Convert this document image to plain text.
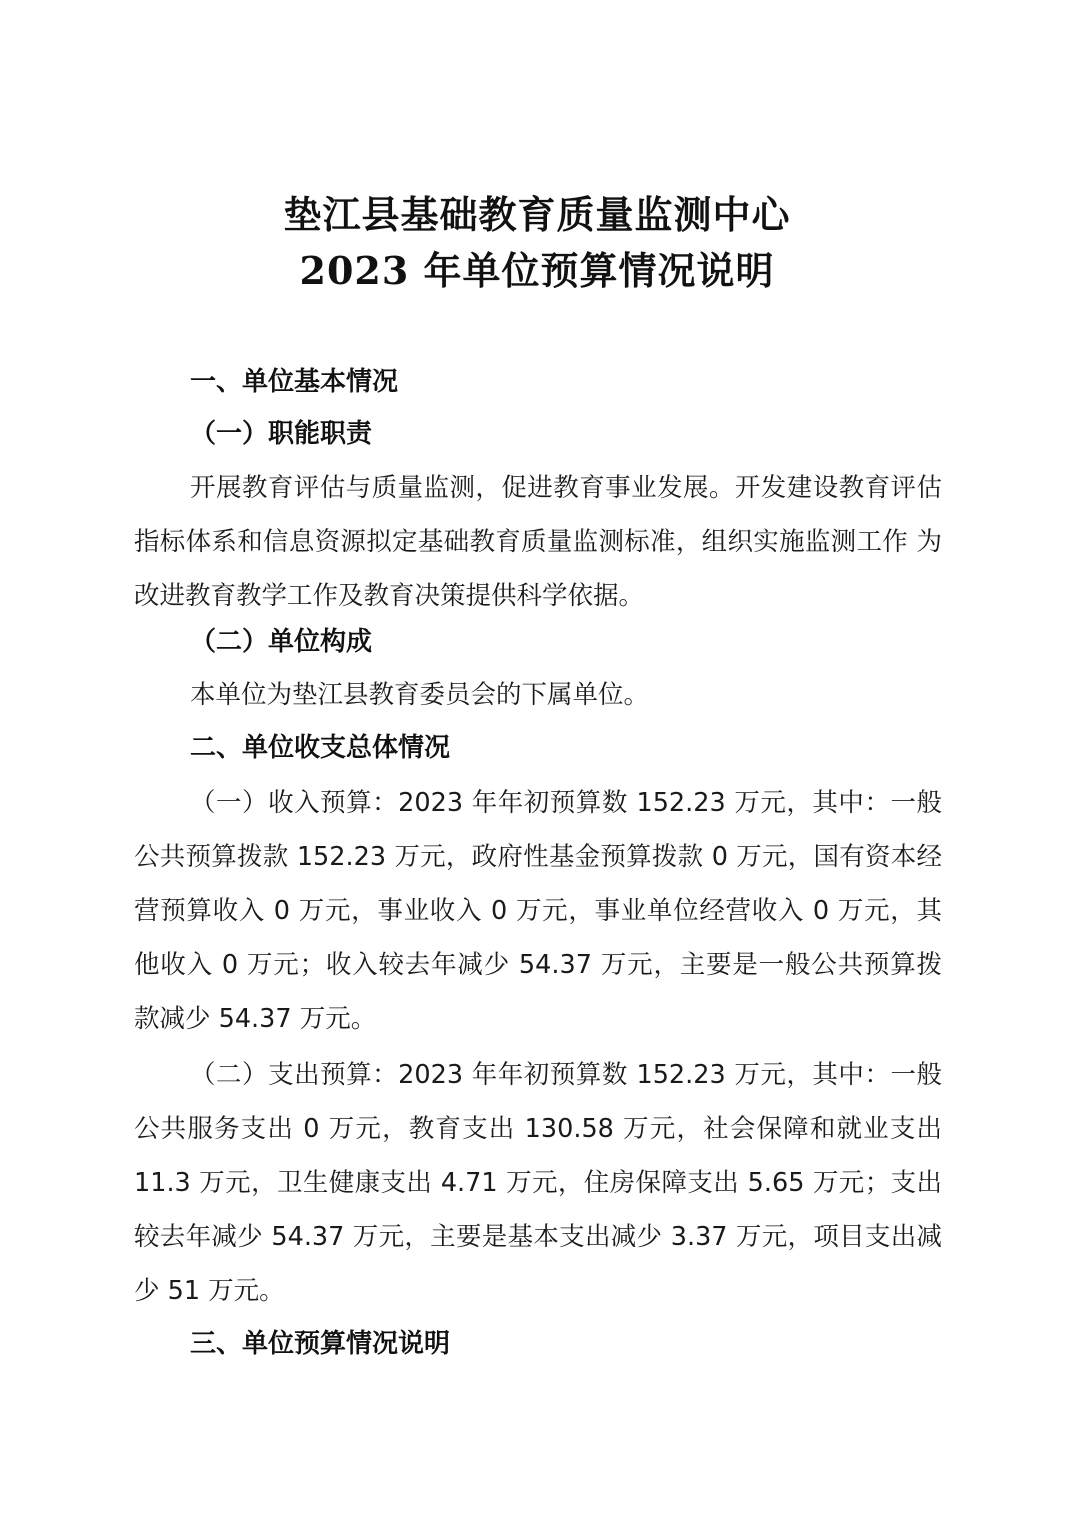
垫江县基础教育质量监测中心
2023 年单位预算情况说明
一、单位基本情况
（一）职能职责

开展教育评估与质量监测，促进教育事业发展。开发建设教育评估指标体系和信息资源拟定基础教育质量监测标准，组织实施监测工作 为改进教育教学工作及教育决策提供科学依据。

（二）单位构成
本单位为垫江县教育委员会的下属单位。
二、单位收支总体情况

（一）收入预算：2023 年年初预算数 152.23 万元，其中：一般公共预算拨款 152.23 万元，政府性基金预算拨款 0 万元，国有资本经营预算收入 0 万元，事业收入 0 万元，事业单位经营收入 0 万元，其他收入 0 万元；收入较去年减少 54.37 万元，主要是一般公共预算拨款减少 54.37 万元。

（二）支出预算：2023 年年初预算数 152.23 万元，其中：一般公共服务支出 0 万元，教育支出 130.58 万元，社会保障和就业支出 11.3 万元，卫生健康支出 4.71 万元，住房保障支出 5.65 万元；支出较去年减少 54.37 万元，主要是基本支出减少 3.37 万元，项目支出减少 51 万元。

三、单位预算情况说明
